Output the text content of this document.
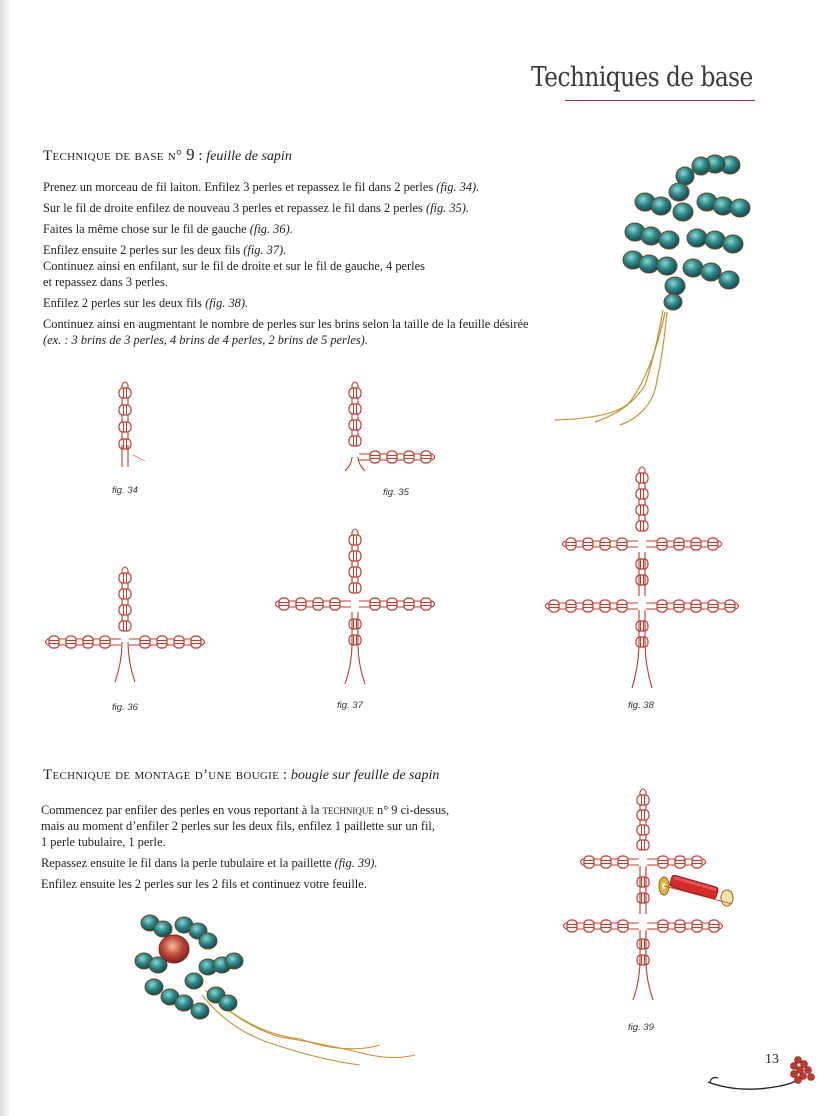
Techniques de base
Technique de base n° 9 : feuille de sapin
Prenez un morceau de fil laiton. Enfilez 3 perles et repassez le fil dans 2 perles (fig. 34).
Sur le fil de droite enfilez de nouveau 3 perles et repassez le fil dans 2 perles (fig. 35).
Faites la même chose sur le fil de gauche (fig. 36).
Enfilez ensuite 2 perles sur les deux fils (fig. 37).
Continuez ainsi en enfilant, sur le fil de droite et sur le fil de gauche, 4 perles
et repassez dans 3 perles.
Enfilez 2 perles sur les deux fils (fig. 38).
Continuez ainsi en augmentant le nombre de perles sur les brins selon la taille de la feuille désirée
(ex. : 3 brins de 3 perles, 4 brins de 4 perles, 2 brins de 5 perles).
fig. 34	fig. 35
fig. 36	fig. 37	fig. 38
Technique de montage d’une bougie : bougie sur feuille de sapin
Commencez par enfiler des perles en vous reportant à la technique n° 9 ci-dessus,
mais au moment d’enfiler 2 perles sur les deux fils, enfilez 1 paillette sur un fil,
1 perle tubulaire, 1 perle.
Repassez ensuite le fil dans la perle tubulaire et la paillette (fig. 39).
Enfilez ensuite les 2 perles sur les 2 fils et continuez votre feuille.
fig. 39
13
